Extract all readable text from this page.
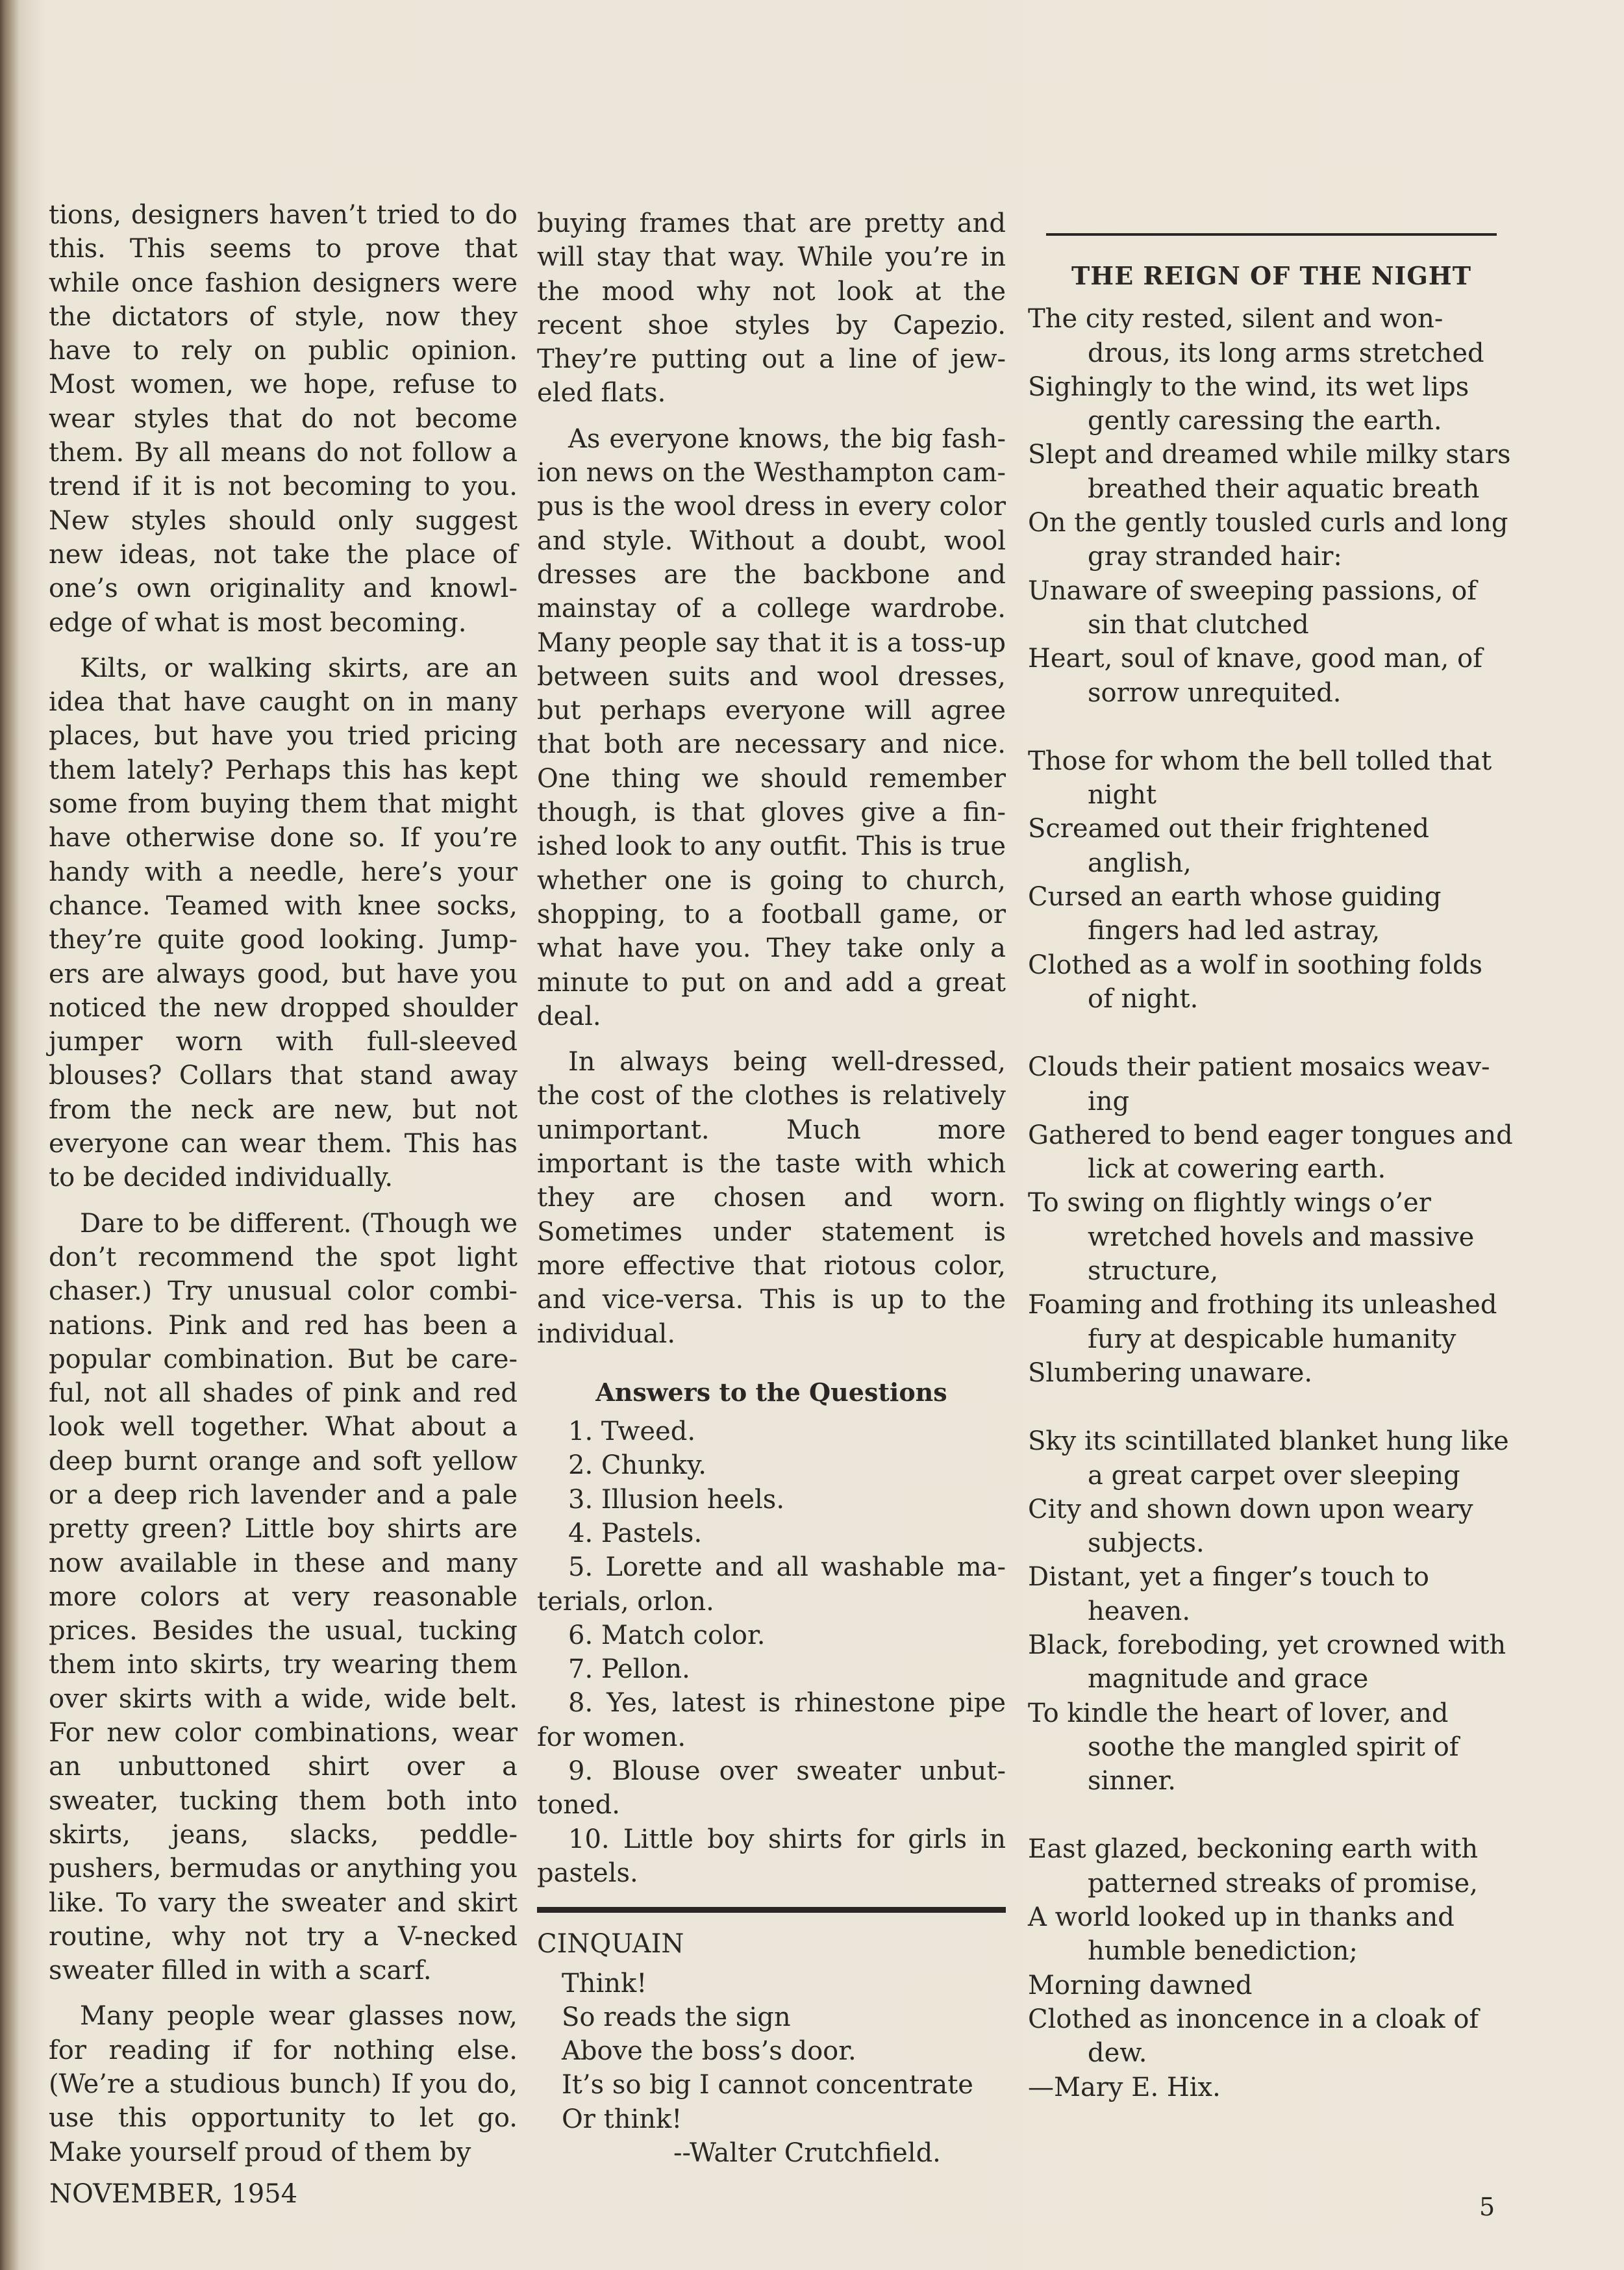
tions, designers haven’t tried to do this. This seems to prove that while once fashion designers were the dictators of style, now they have to rely on public opinion. Most women, we hope, refuse to wear styles that do not become them. By all means do not follow a trend if it is not becoming to you. New styles should only suggest new ideas, not take the place of one’s own originality and knowledge of what is most becoming.

Kilts, or walking skirts, are an idea that have caught on in many places, but have you tried pricing them lately? Perhaps this has kept some from buying them that might have otherwise done so. If you’re handy with a needle, here’s your chance. Teamed with knee socks, they’re quite good looking. Jumpers are always good, but have you noticed the new dropped shoulder jumper worn with full-sleeved blouses? Collars that stand away from the neck are new, but not everyone can wear them. This has to be decided individually.

Dare to be different. (Though we don’t recommend the spot light chaser.) Try unusual color combinations. Pink and red has been a popular combination. But be careful, not all shades of pink and red look well together. What about a deep burnt orange and soft yellow or a deep rich lavender and a pale pretty green? Little boy shirts are now available in these and many more colors at very reasonable prices. Besides the usual, tucking them into skirts, try wearing them over skirts with a wide, wide belt. For new color combinations, wear an unbuttoned shirt over a sweater, tucking them both into skirts, jeans, slacks, peddle-pushers, bermudas or anything you like. To vary the sweater and skirt routine, why not try a V-necked sweater filled in with a scarf.

Many people wear glasses now, for reading if for nothing else. (We’re a studious bunch) If you do, use this opportunity to let go. Make yourself proud of them by

buying frames that are pretty and will stay that way. While you’re in the mood why not look at the recent shoe styles by Capezio. They’re putting out a line of jeweled flats.

As everyone knows, the big fashion news on the Westhampton campus is the wool dress in every color and style. Without a doubt, wool dresses are the backbone and mainstay of a college wardrobe. Many people say that it is a toss-up between suits and wool dresses, but perhaps everyone will agree that both are necessary and nice. One thing we should remember though, is that gloves give a finished look to any outfit. This is true whether one is going to church, shopping, to a football game, or what have you. They take only a minute to put on and add a great deal.

In always being well-dressed, the cost of the clothes is relatively unimportant. Much more important is the taste with which they are chosen and worn. Sometimes under statement is more effective that riotous color, and vice-versa. This is up to the individual.

Answers to the Questions

1. Tweed.

2. Chunky.

3. Illusion heels.

4. Pastels.

5. Lorette and all washable materials, orlon.

6. Match color.

7. Pellon.

8. Yes, latest is rhinestone pipe for women.

9. Blouse over sweater unbuttoned.

10. Little boy shirts for girls in pastels.

CINQUAIN

Think!

So reads the sign

Above the boss’s door.

It’s so big I cannot concentrate

Or think!

--Walter Crutchfield.

THE REIGN OF THE NIGHT

The city rested, silent and wondrous, its long arms stretched

Sighingly to the wind, its wet lips gently caressing the earth.

Slept and dreamed while milky stars breathed their aquatic breath

On the gently tousled curls and long gray stranded hair:

Unaware of sweeping passions, of sin that clutched

Heart, soul of knave, good man, of sorrow unrequited.

Those for whom the bell tolled that night

Screamed out their frightened anglish,

Cursed an earth whose guiding fingers had led astray,

Clothed as a wolf in soothing folds of night.

Clouds their patient mosaics weaving

Gathered to bend eager tongues and lick at cowering earth.

To swing on flightly wings o’er wretched hovels and massive structure,

Foaming and frothing its unleashed fury at despicable humanity

Slumbering unaware.

Sky its scintillated blanket hung like a great carpet over sleeping

City and shown down upon weary subjects.

Distant, yet a finger’s touch to heaven.

Black, foreboding, yet crowned with magnitude and grace

To kindle the heart of lover, and soothe the mangled spirit of sinner.

East glazed, beckoning earth with patterned streaks of promise,

A world looked up in thanks and humble benediction;

Morning dawned

Clothed as inoncence in a cloak of dew.

—Mary E. Hix.

NOVEMBER, 1954	5
